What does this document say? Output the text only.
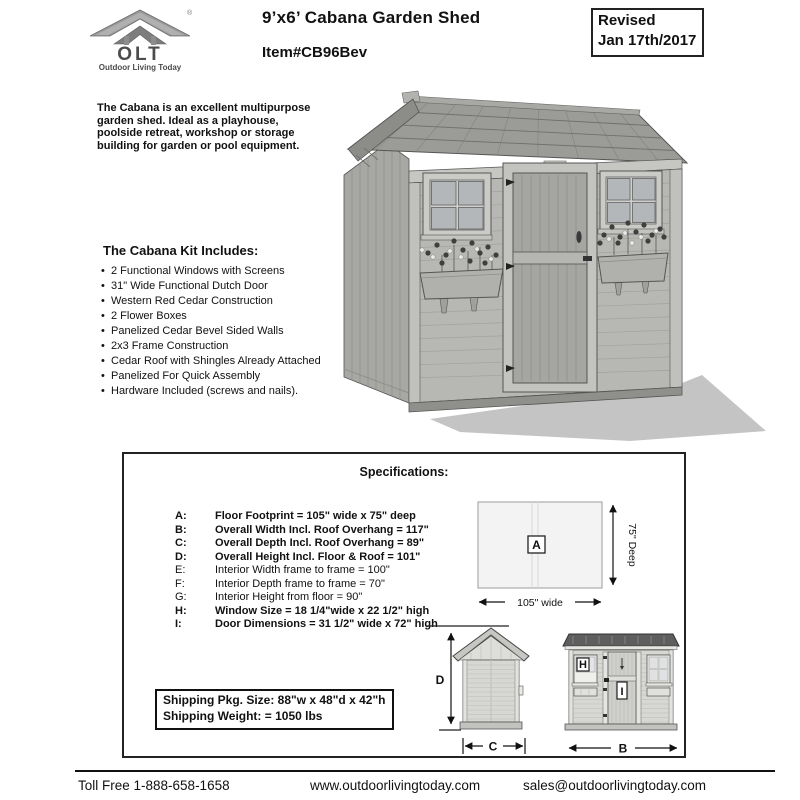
®
OLT
Outdoor Living Today
9’x6’ Cabana Garden Shed
Item#CB96Bev
Revised
Jan 17th/2017
The Cabana is an excellent multipurpose garden shed. Ideal as a playhouse, poolside retreat, workshop or storage building for garden or pool equipment.
The Cabana Kit Includes:
• 2 Functional Windows with Screens
• 31" Wide Functional Dutch Door
• Western Red Cedar Construction
• 2 Flower Boxes
• Panelized Cedar Bevel Sided Walls
• 2x3 Frame Construction
• Cedar Roof with Shingles Already Attached
• Panelized For Quick Assembly
• Hardware Included (screws and nails).
Specifications:
A:	Floor Footprint = 105" wide x 75" deep
B:	Overall Width Incl. Roof Overhang = 117"
C:	Overall Depth Incl. Roof Overhang = 89"
D:	Overall Height Incl. Floor & Roof = 101"
E:	Interior Width frame to frame = 100"
F:	Interior Depth frame to frame = 70"
G:	Interior Height from floor = 90"
H:	Window Size = 18 1/4"wide x 22 1/2" high
I:	Door Dimensions = 31 1/2" wide x 72" high
A	75" Deep
105" wide
D
C
H
I
B
Shipping Pkg. Size: 88"w x 48"d x 42"h
Shipping Weight: = 1050 lbs
Toll Free 1-888-658-1658	www.outdoorlivingtoday.com	sales@outdoorlivingtoday.com
